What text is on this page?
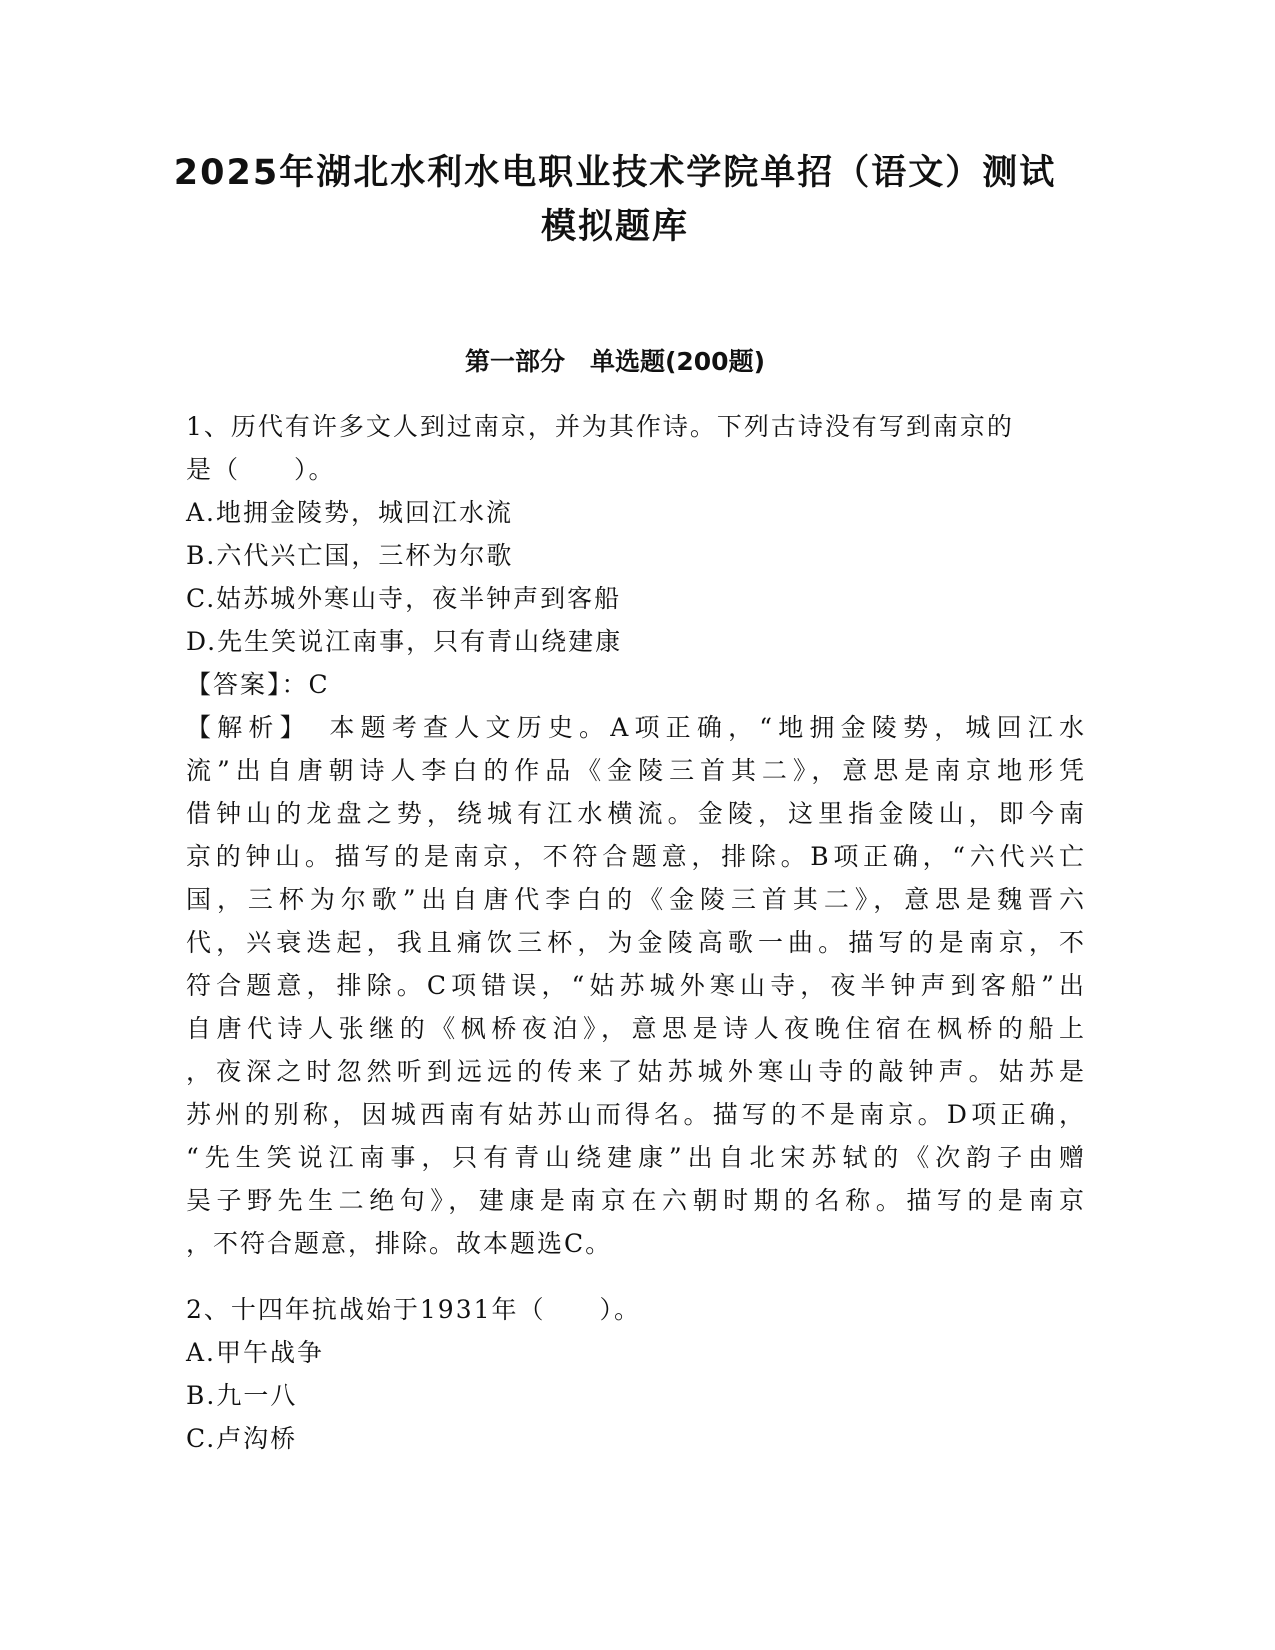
2025年湖北水利水电职业技术学院单招（语文）测试
模拟题库
第一部分　单选题(200题)
1、历代有许多文人到过南京，并为其作诗。下列古诗没有写到南京的
是（　　）。
A.地拥金陵势，城回江水流
B.六代兴亡国，三杯为尔歌
C.姑苏城外寒山寺，夜半钟声到客船
D.先生笑说江南事，只有青山绕建康
【答案】：C
【解析】　本题考查人文历史。A项正确，“地拥金陵势，城回江水
流”出自唐朝诗人李白的作品《金陵三首其二》，意思是南京地形凭
借钟山的龙盘之势，绕城有江水横流。金陵，这里指金陵山，即今南
京的钟山。描写的是南京，不符合题意，排除。B项正确，“六代兴亡
国，三杯为尔歌”出自唐代李白的《金陵三首其二》，意思是魏晋六
代，兴衰迭起，我且痛饮三杯，为金陵高歌一曲。描写的是南京，不
符合题意，排除。C项错误，“姑苏城外寒山寺，夜半钟声到客船”出
自唐代诗人张继的《枫桥夜泊》，意思是诗人夜晚住宿在枫桥的船上
，夜深之时忽然听到远远的传来了姑苏城外寒山寺的敲钟声。姑苏是
苏州的别称，因城西南有姑苏山而得名。描写的不是南京。D项正确，
“先生笑说江南事，只有青山绕建康”出自北宋苏轼的《次韵子由赠
吴子野先生二绝句》，建康是南京在六朝时期的名称。描写的是南京
，不符合题意，排除。故本题选C。
2、十四年抗战始于1931年（　　）。
A.甲午战争
B.九一八
C.卢沟桥
